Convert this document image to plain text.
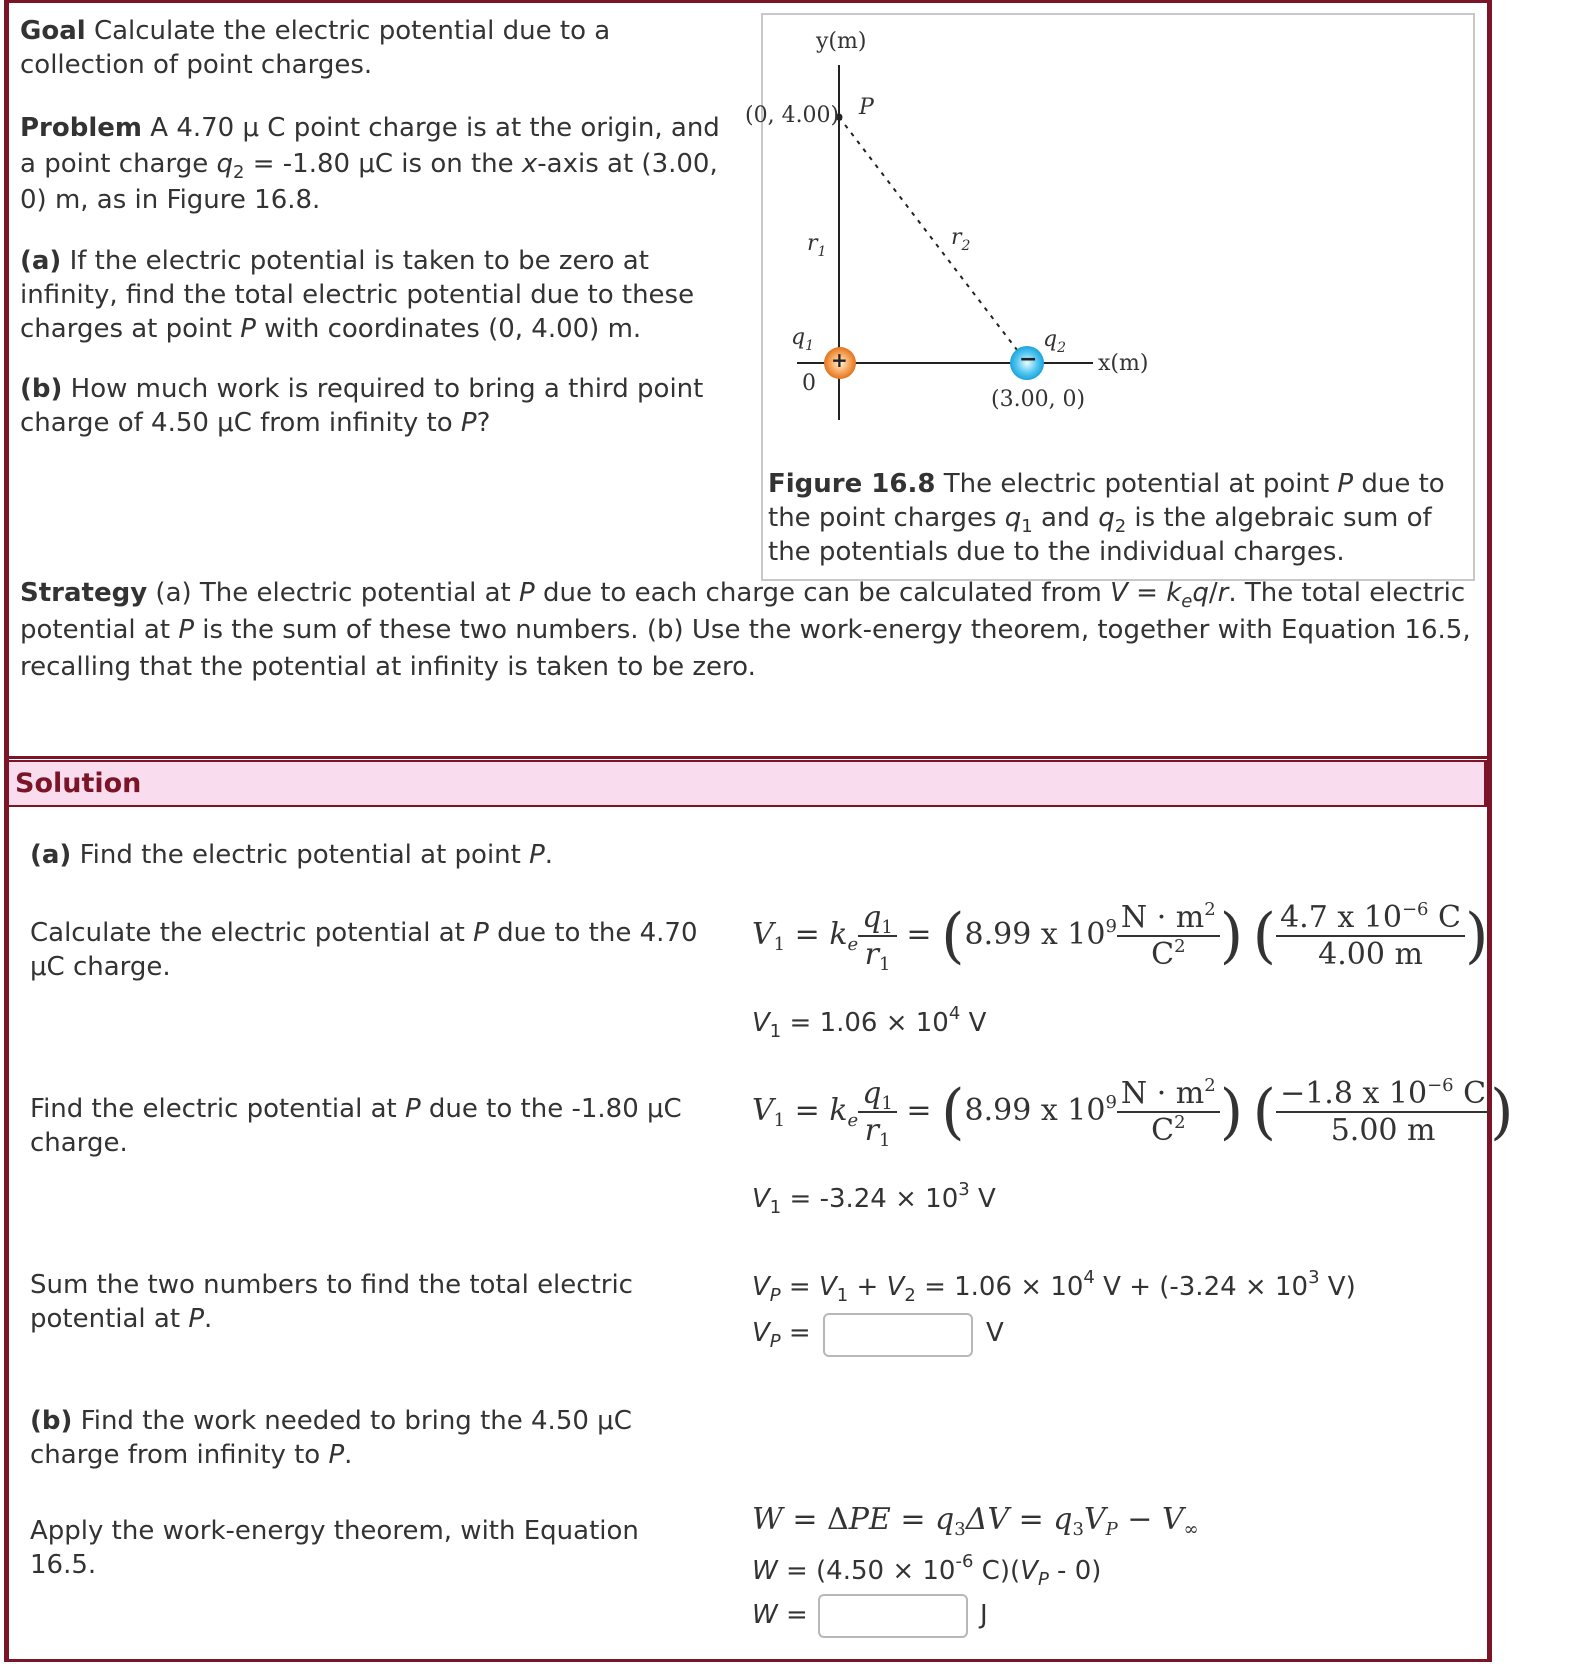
Goal Calculate the electric potential due to a collection of point charges.

Problem A 4.70 μ C point charge is at the origin, and a point charge $q_2 = -1.80$ μC is on the x-axis at (3.00, 0) m, as in Figure 16.8.

(a) If the electric potential is taken to be zero at infinity, find the total electric potential due to these charges at point P with coordinates (0, 4.00) m.

(b) How much work is required to bring a third point charge of 4.50 μC from infinity to P?

y(m)
x(m)
(0, 4.00) P
$r_1$
$r_2$
$q_1$	$q_2$
0
(3.00, 0)
+	−
Figure 16.8 The electric potential at point P due to the point charges $q_1$ and $q_2$ is the algebraic sum of the potentials due to the individual charges.

Strategy (a) The electric potential at P due to each charge can be calculated from $V = k_eq/r$. The total electric potential at P is the sum of these two numbers. (b) Use the work-energy theorem, together with Equation 16.5, recalling that the potential at infinity is taken to be zero.

Solution

(a) Find the electric potential at point P.

Calculate the electric potential at P due to the 4.70 μC charge.

$V_1 = k_e \frac{q_1}{r_1} = (8.99$ x $10^9 \frac{N \cdot m^2}{C^2}$ ) ( $\frac{4.7 x 10^{-6} C}{4.00 m}$ )

$V_1 = 1.06 \times 10^4$ V

Find the electric potential at P due to the -1.80 μC charge.

$V_1 = k_e \frac{q_1}{r_1} = (8.99$ x $10^9 \frac{N \cdot m^2}{C^2}$ ) ( $\frac{-1.8 x 10^{-6} C}{5.00 m}$ )

$V_1 = -3.24 \times 10^3$ V

Sum the two numbers to find the total electric potential at P.

$V_P = V_1 + V_2 = 1.06 \times 10^4$ $V + (-3.24 \times 10^3$ V)

$V_P$ =	V

(b) Find the work needed to bring the 4.50 μC charge from infinity to P.

Apply the work-energy theorem, with Equation 16.5.

$W = \Delta PE = q_3\Delta V = q_3V_P - V_\infty$

$W = (4.50 \times 10^{-6}$ $C)(V_P - 0)$

W =	J
